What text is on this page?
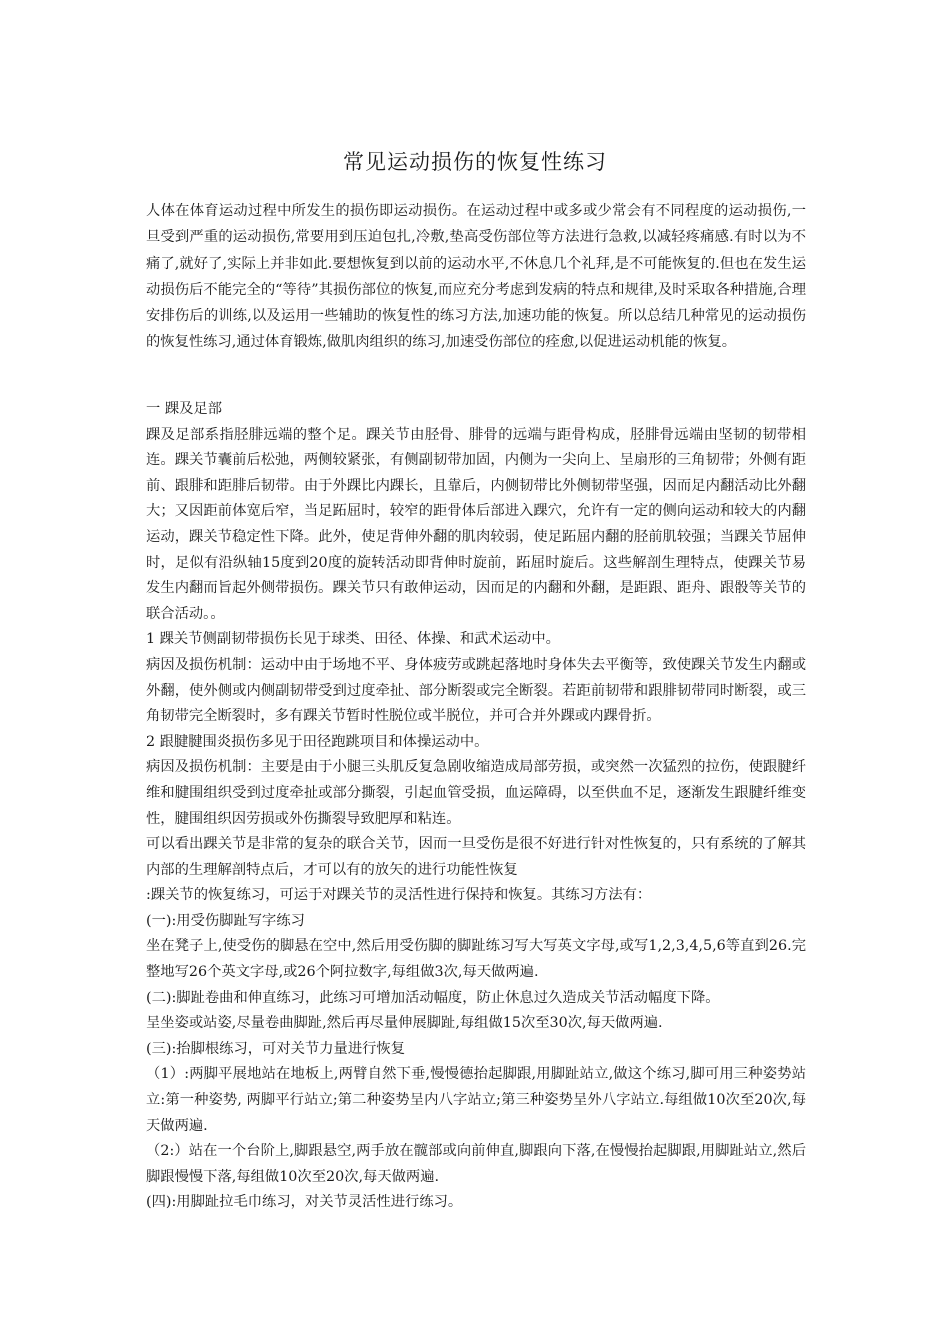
常见运动损伤的恢复性练习

人体在体育运动过程中所发生的损伤即运动损伤。在运动过程中或多或少常会有不同程度的运动损伤,一旦受到严重的运动损伤,常要用到压迫包扎,冷敷,垫高受伤部位等方法进行急救,以减轻疼痛感.有时以为不痛了,就好了,实际上并非如此.要想恢复到以前的运动水平,不休息几个礼拜,是不可能恢复的.但也在发生运动损伤后不能完全的“等待”其损伤部位的恢复,而应充分考虑到发病的特点和规律,及时采取各种措施,合理安排伤后的训练,以及运用一些辅助的恢复性的练习方法,加速功能的恢复。所以总结几种常见的运动损伤的恢复性练习,通过体育锻炼,做肌肉组织的练习,加速受伤部位的痊愈,以促进运动机能的恢复。

一 踝及足部

踝及足部系指胫腓远端的整个足。踝关节由胫骨、腓骨的远端与距骨构成，胫腓骨远端由坚韧的韧带相连。踝关节囊前后松弛，两侧较紧张，有侧副韧带加固，内侧为一尖向上、呈扇形的三角韧带；外侧有距前、跟腓和距腓后韧带。由于外踝比内踝长，且靠后，内侧韧带比外侧韧带坚强，因而足内翻活动比外翻大；又因距前体宽后窄，当足跖屈时，较窄的距骨体后部进入踝穴，允许有一定的侧向运动和较大的内翻运动，踝关节稳定性下降。此外，使足背伸外翻的肌肉较弱，使足跖屈内翻的胫前肌较强；当踝关节屈伸时，足似有沿纵轴15度到20度的旋转活动即背伸时旋前，跖屈时旋后。这些解剖生理特点，使踝关节易发生内翻而旨起外侧带损伤。踝关节只有敢伸运动，因而足的内翻和外翻，是距跟、距舟、跟骰等关节的联合活动。。

1 踝关节侧副韧带损伤长见于球类、田径、体操、和武术运动中。

病因及损伤机制：运动中由于场地不平、身体疲劳或跳起落地时身体失去平衡等，致使踝关节发生内翻或外翻，使外侧或内侧副韧带受到过度牵扯、部分断裂或完全断裂。若距前韧带和跟腓韧带同时断裂，或三角韧带完全断裂时，多有踝关节暂时性脱位或半脱位，并可合并外踝或内踝骨折。

2 跟腱腱围炎损伤多见于田径跑跳项目和体操运动中。

病因及损伤机制：主要是由于小腿三头肌反复急剧收缩造成局部劳损，或突然一次猛烈的拉伤，使跟腱纤维和腱围组织受到过度牵扯或部分撕裂，引起血管受损，血运障碍，以至供血不足，逐渐发生跟腱纤维变性，腱围组织因劳损或外伤撕裂导致肥厚和粘连。

可以看出踝关节是非常的复杂的联合关节，因而一旦受伤是很不好进行针对性恢复的，只有系统的了解其内部的生理解剖特点后，才可以有的放矢的进行功能性恢复

:踝关节的恢复练习，可运于对踝关节的灵活性进行保持和恢复。其练习方法有：

(一):用受伤脚趾写字练习

坐在凳子上,使受伤的脚悬在空中,然后用受伤脚的脚趾练习写大写英文字母,或写1,2,3,4,5,6等直到26.完整地写26个英文字母,或26个阿拉数字,每组做3次,每天做两遍.

(二):脚趾卷曲和伸直练习，此练习可增加活动幅度，防止休息过久造成关节活动幅度下降。

呈坐姿或站姿,尽量卷曲脚趾,然后再尽量伸展脚趾,每组做15次至30次,每天做两遍.

(三):抬脚根练习，可对关节力量进行恢复

（1）:两脚平展地站在地板上,两臂自然下垂,慢慢德抬起脚跟,用脚趾站立,做这个练习,脚可用三种姿势站立:第一种姿势, 两脚平行站立;第二种姿势呈内八字站立;第三种姿势呈外八字站立.每组做10次至20次,每天做两遍.

（2:）站在一个台阶上,脚跟悬空,两手放在髋部或向前伸直,脚跟向下落,在慢慢抬起脚跟,用脚趾站立,然后脚跟慢慢下落,每组做10次至20次,每天做两遍.

(四):用脚趾拉毛巾练习，对关节灵活性进行练习。
